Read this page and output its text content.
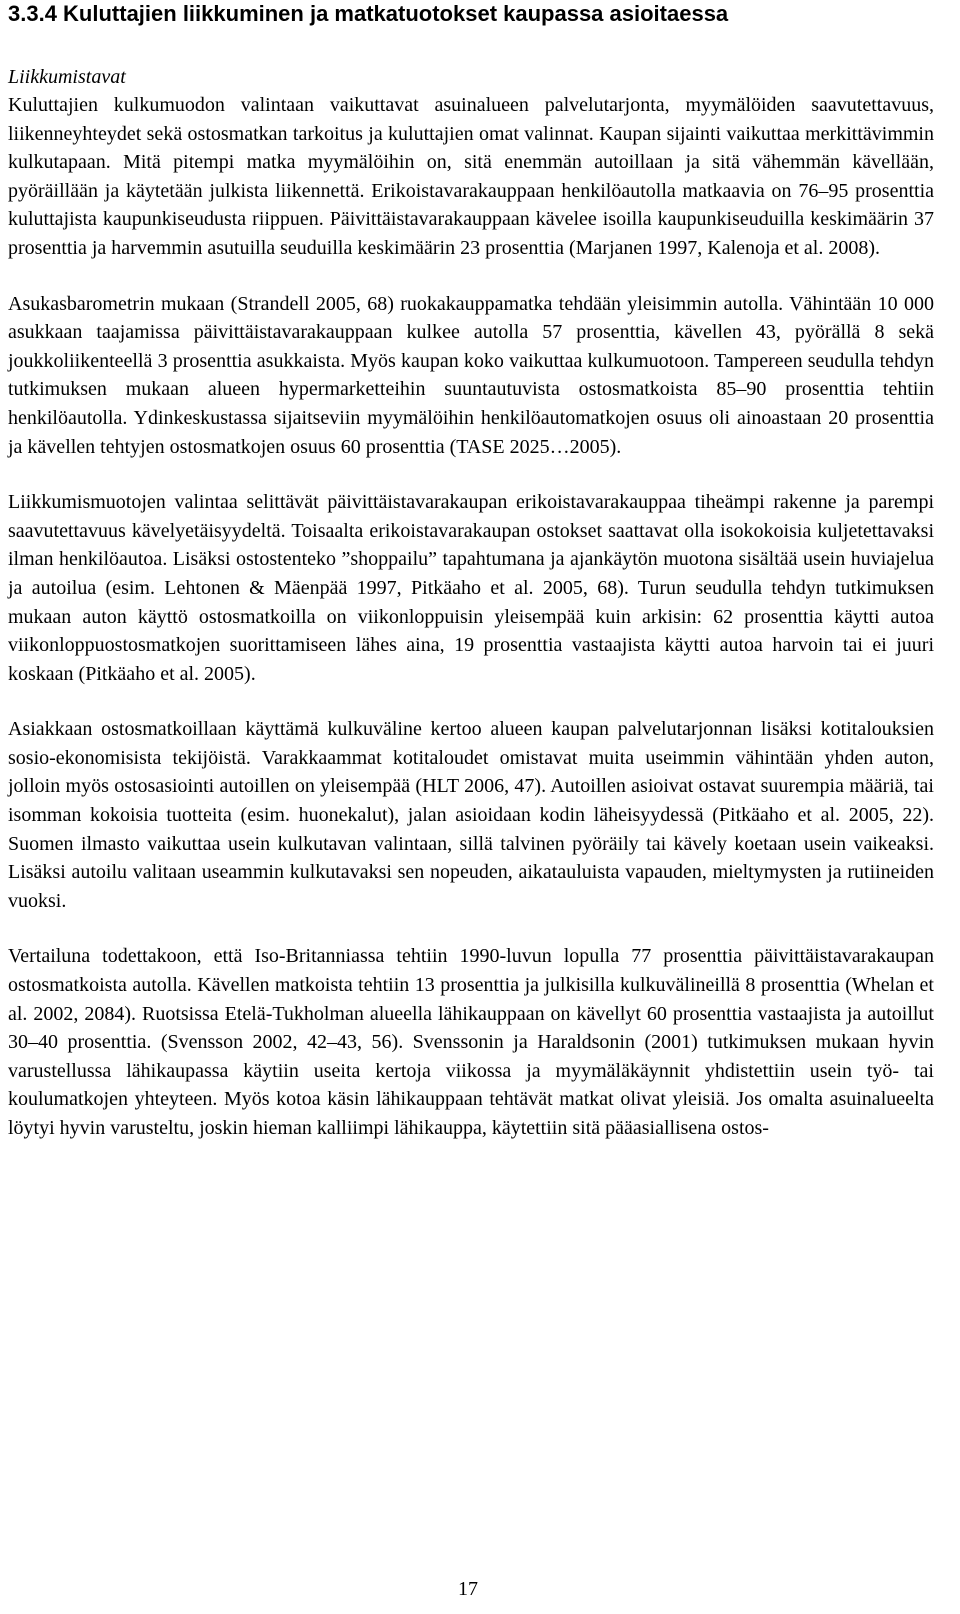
3.3.4 Kuluttajien liikkuminen ja matkatuotokset kaupassa asioitaessa
Liikkumistavat

Kuluttajien kulkumuodon valintaan vaikuttavat asuinalueen palvelutarjonta, myymälöiden saavutettavuus, liikenneyhteydet sekä ostosmatkan tarkoitus ja kuluttajien omat valinnat. Kaupan sijainti vaikuttaa merkittävimmin kulkutapaan. Mitä pitempi matka myymälöihin on, sitä enemmän autoillaan ja sitä vähemmän kävellään, pyöräillään ja käytetään julkista liikennettä. Erikoistavarakauppaan henkilöautolla matkaavia on 76–95 prosenttia kuluttajista kaupunkiseudusta riippuen. Päivittäistavarakauppaan kävelee isoilla kaupunkiseuduilla keskimäärin 37 prosenttia ja harvemmin asutuilla seuduilla keskimäärin 23 prosenttia (Marjanen 1997, Kalenoja et al. 2008).

Asukasbarometrin mukaan (Strandell 2005, 68) ruokakauppamatka tehdään yleisimmin autolla. Vähintään 10 000 asukkaan taajamissa päivittäistavarakauppaan kulkee autolla 57 prosenttia, kävellen 43, pyörällä 8 sekä joukkoliikenteellä 3 prosenttia asukkaista. Myös kaupan koko vaikuttaa kulkumuotoon. Tampereen seudulla tehdyn tutkimuksen mukaan alueen hypermarketteihin suuntautuvista ostosmatkoista 85–90 prosenttia tehtiin henkilöautolla. Ydinkeskustassa sijaitseviin myymälöihin henkilöautomatkojen osuus oli ainoastaan 20 prosenttia ja kävellen tehtyjen ostosmatkojen osuus 60 prosenttia (TASE 2025…2005).

Liikkumismuotojen valintaa selittävät päivittäistavarakaupan erikoistavarakauppaa tiheämpi rakenne ja parempi saavutettavuus kävelyetäisyydeltä. Toisaalta erikoistavarakaupan ostokset saattavat olla isokokoisia kuljetettavaksi ilman henkilöautoa. Lisäksi ostostenteko ”shoppailu” tapahtumana ja ajankäytön muotona sisältää usein huviajelua ja autoilua (esim. Lehtonen & Mäenpää 1997, Pitkäaho et al. 2005, 68). Turun seudulla tehdyn tutkimuksen mukaan auton käyttö ostosmatkoilla on viikonloppuisin yleisempää kuin arkisin: 62 prosenttia käytti autoa viikonloppuostosmatkojen suorittamiseen lähes aina, 19 prosenttia vastaajista käytti autoa harvoin tai ei juuri koskaan (Pitkäaho et al. 2005).

Asiakkaan ostosmatkoillaan käyttämä kulkuväline kertoo alueen kaupan palvelutarjonnan lisäksi kotitalouksien sosio-ekonomisista tekijöistä. Varakkaammat kotitaloudet omistavat muita useimmin vähintään yhden auton, jolloin myös ostosasiointi autoillen on yleisempää (HLT 2006, 47). Autoillen asioivat ostavat suurempia määriä, tai isomman kokoisia tuotteita (esim. huonekalut), jalan asioidaan kodin läheisyydessä (Pitkäaho et al. 2005, 22). Suomen ilmasto vaikuttaa usein kulkutavan valintaan, sillä talvinen pyöräily tai kävely koetaan usein vaikeaksi. Lisäksi autoilu valitaan useammin kulkutavaksi sen nopeuden, aikatauluista vapauden, mieltymysten ja rutiineiden vuoksi.

Vertailuna todettakoon, että Iso-Britanniassa tehtiin 1990-luvun lopulla 77 prosenttia päivittäistavarakaupan ostosmatkoista autolla. Kävellen matkoista tehtiin 13 prosenttia ja julkisilla kulkuvälineillä 8 prosenttia (Whelan et al. 2002, 2084). Ruotsissa Etelä-Tukholman alueella lähikauppaan on kävellyt 60 prosenttia vastaajista ja autoillut 30–40 prosenttia. (Svensson 2002, 42–43, 56). Svenssonin ja Haraldsonin (2001) tutkimuksen mukaan hyvin varustellussa lähikaupassa käytiin useita kertoja viikossa ja myymäläkäynnit yhdistettiin usein työ- tai koulumatkojen yhteyteen. Myös kotoa käsin lähikauppaan tehtävät matkat olivat yleisiä. Jos omalta asuinalueelta löytyi hyvin varusteltu, joskin hieman kalliimpi lähikauppa, käytettiin sitä pääasiallisena ostos-

17
